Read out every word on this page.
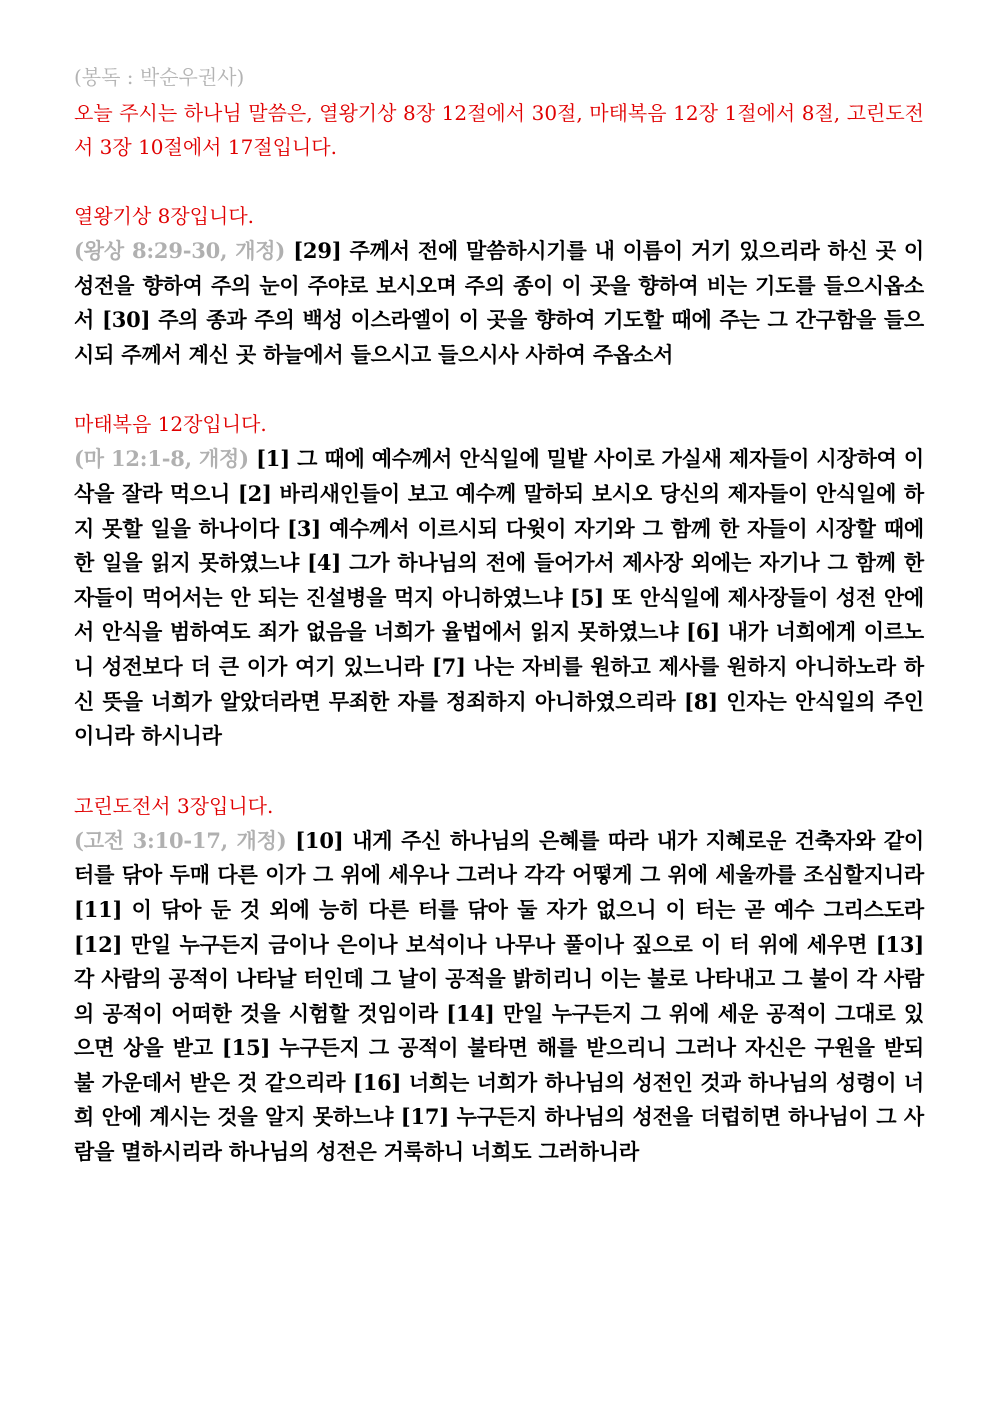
(봉독 : 박순우권사)

오늘 주시는 하나님 말씀은, 열왕기상 8장 12절에서 30절, 마태복음 12장 1절에서 8절, 고린도전서 3장 10절에서 17절입니다.

열왕기상 8장입니다.

(왕상 8:29-30, 개정) [29] 주께서 전에 말씀하시기를 내 이름이 거기 있으리라 하신 곳 이 성전을 향하여 주의 눈이 주야로 보시오며 주의 종이 이 곳을 향하여 비는 기도를 들으시옵소서 [30] 주의 종과 주의 백성 이스라엘이 이 곳을 향하여 기도할 때에 주는 그 간구함을 들으시되 주께서 계신 곳 하늘에서 들으시고 들으시사 사하여 주옵소서

마태복음 12장입니다.

(마 12:1-8, 개정) [1] 그 때에 예수께서 안식일에 밀밭 사이로 가실새 제자들이 시장하여 이삭을 잘라 먹으니 [2] 바리새인들이 보고 예수께 말하되 보시오 당신의 제자들이 안식일에 하지 못할 일을 하나이다 [3] 예수께서 이르시되 다윗이 자기와 그 함께 한 자들이 시장할 때에 한 일을 읽지 못하였느냐 [4] 그가 하나님의 전에 들어가서 제사장 외에는 자기나 그 함께 한 자들이 먹어서는 안 되는 진설병을 먹지 아니하였느냐 [5] 또 안식일에 제사장들이 성전 안에서 안식을 범하여도 죄가 없음을 너희가 율법에서 읽지 못하였느냐 [6] 내가 너희에게 이르노니 성전보다 더 큰 이가 여기 있느니라 [7] 나는 자비를 원하고 제사를 원하지 아니하노라 하신 뜻을 너희가 알았더라면 무죄한 자를 정죄하지 아니하였으리라 [8] 인자는 안식일의 주인이니라 하시니라

고린도전서 3장입니다.

(고전 3:10-17, 개정) [10] 내게 주신 하나님의 은혜를 따라 내가 지혜로운 건축자와 같이 터를 닦아 두매 다른 이가 그 위에 세우나 그러나 각각 어떻게 그 위에 세울까를 조심할지니라 [11] 이 닦아 둔 것 외에 능히 다른 터를 닦아 둘 자가 없으니 이 터는 곧 예수 그리스도라 [12] 만일 누구든지 금이나 은이나 보석이나 나무나 풀이나 짚으로 이 터 위에 세우면 [13] 각 사람의 공적이 나타날 터인데 그 날이 공적을 밝히리니 이는 불로 나타내고 그 불이 각 사람의 공적이 어떠한 것을 시험할 것임이라 [14] 만일 누구든지 그 위에 세운 공적이 그대로 있으면 상을 받고 [15] 누구든지 그 공적이 불타면 해를 받으리니 그러나 자신은 구원을 받되 불 가운데서 받은 것 같으리라 [16] 너희는 너희가 하나님의 성전인 것과 하나님의 성령이 너희 안에 계시는 것을 알지 못하느냐 [17] 누구든지 하나님의 성전을 더럽히면 하나님이 그 사람을 멸하시리라 하나님의 성전은 거룩하니 너희도 그러하니라
